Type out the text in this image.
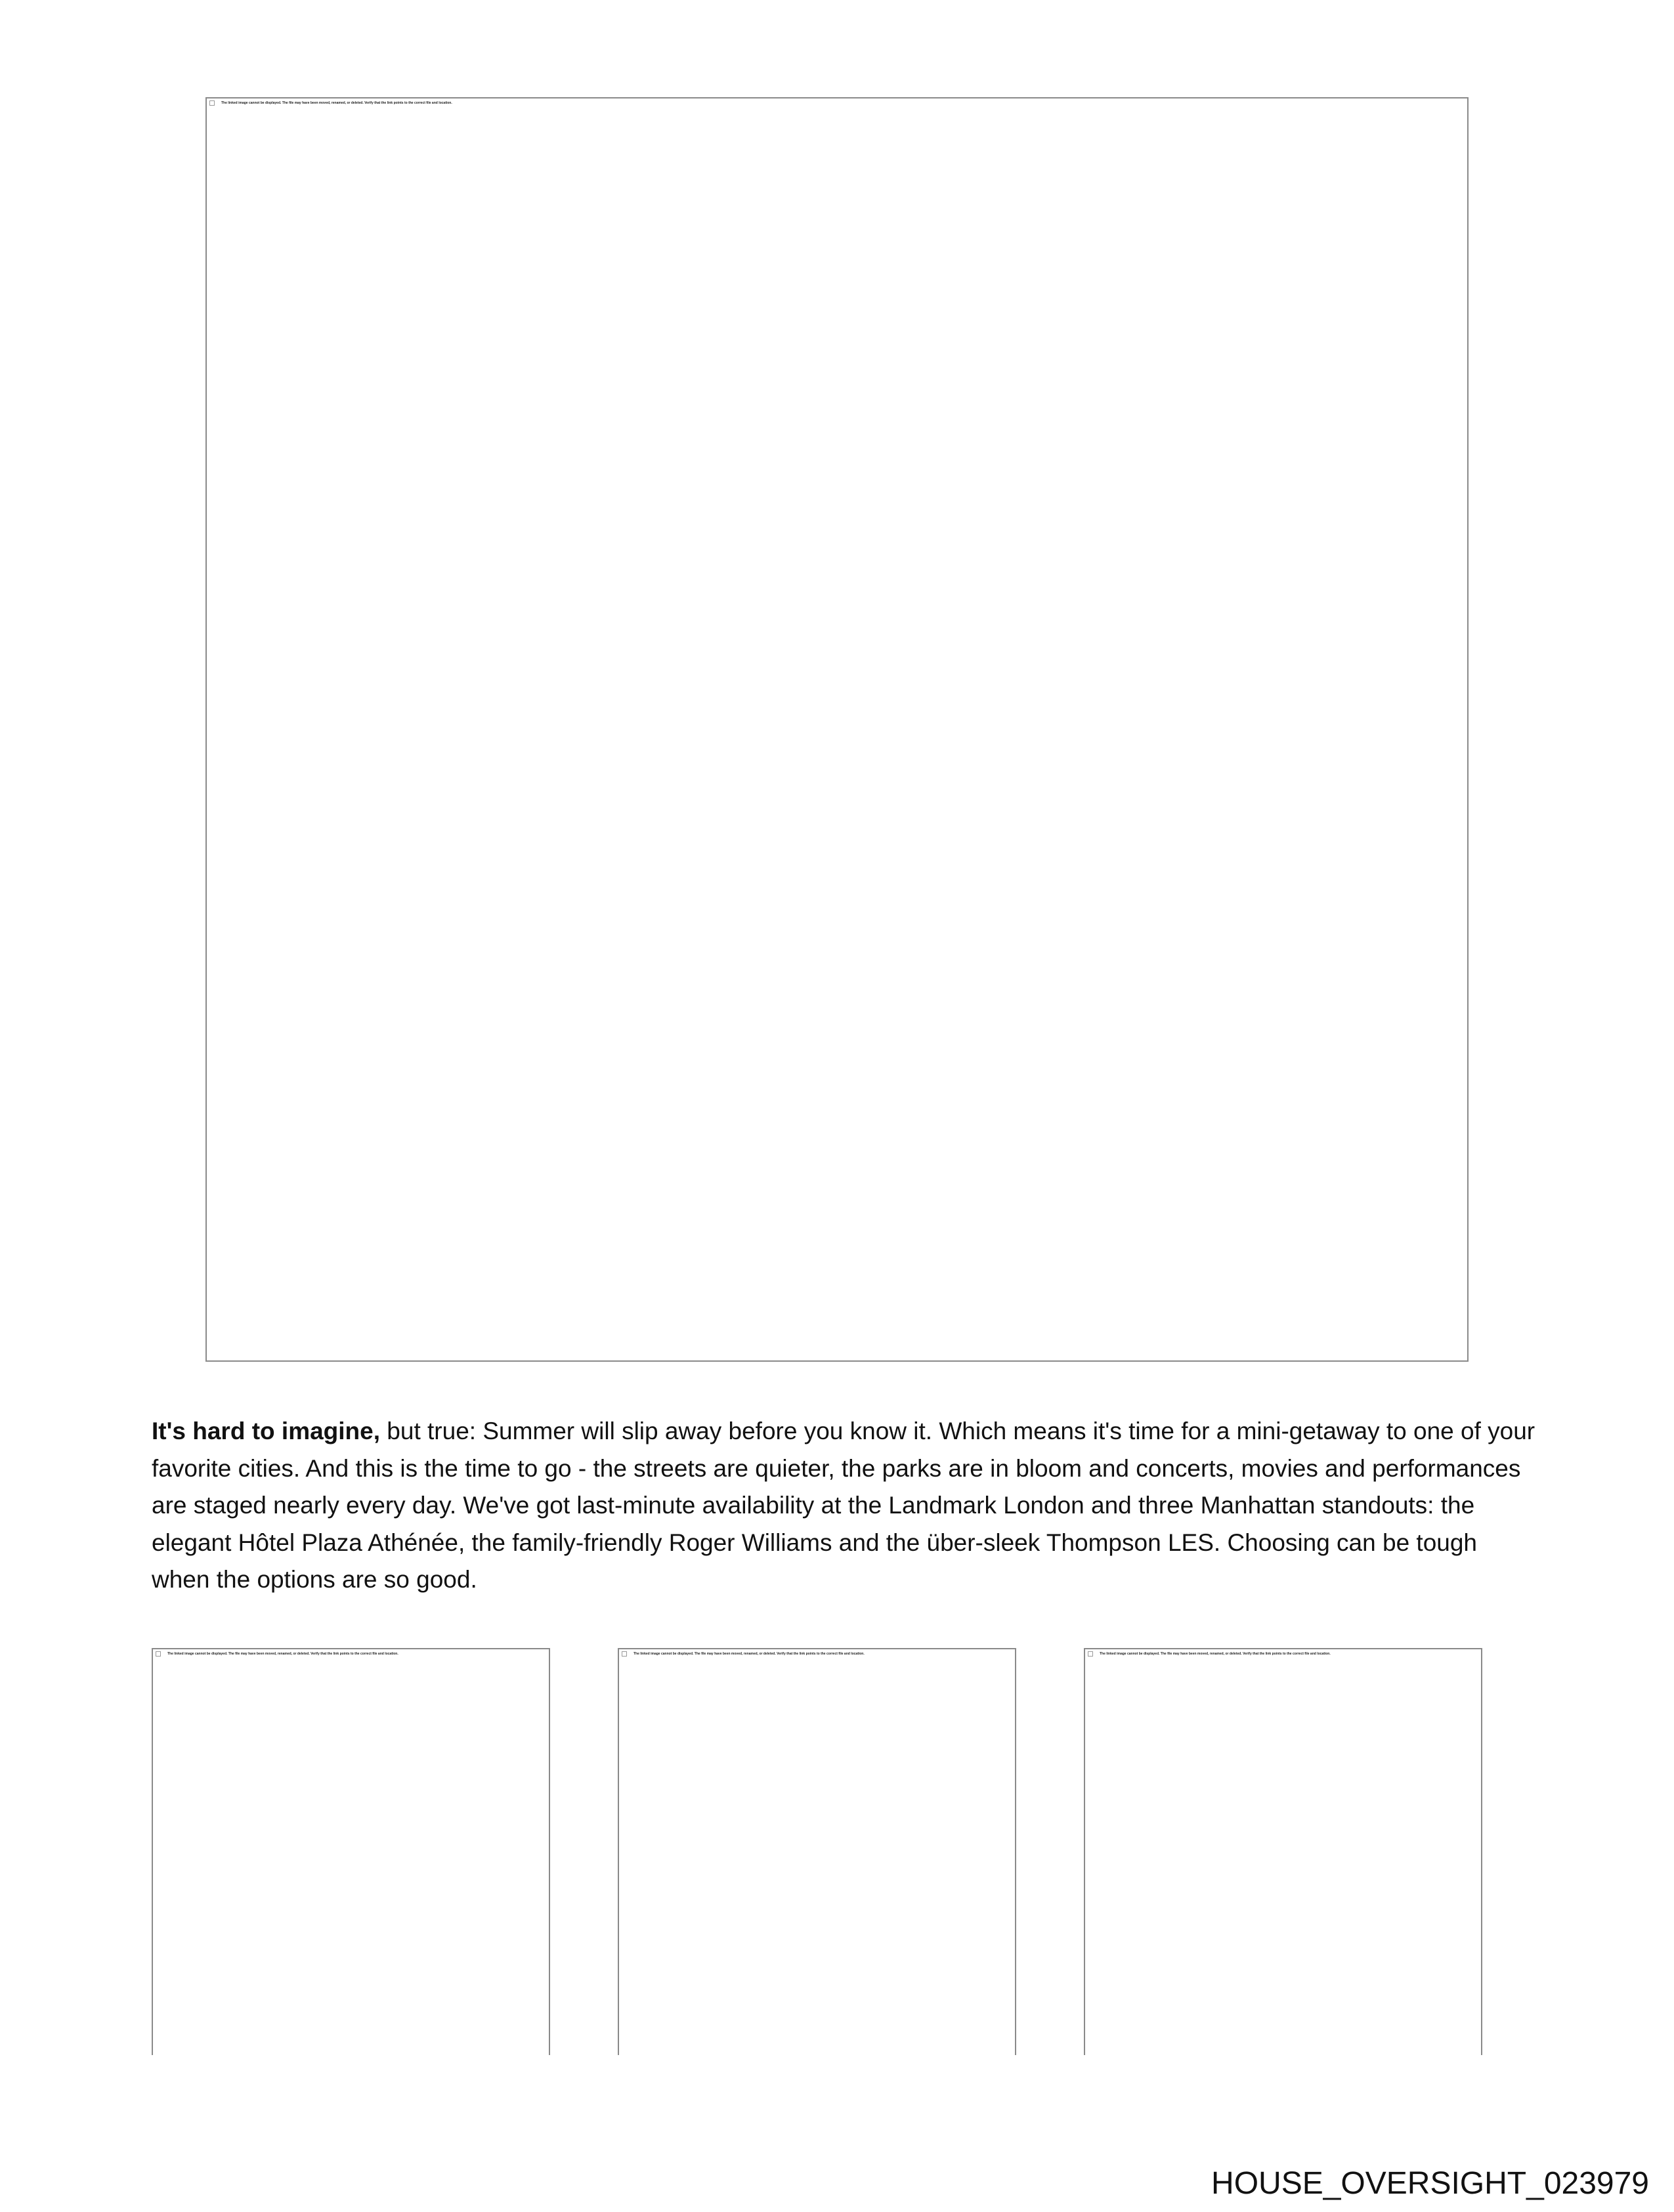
The linked image cannot be displayed. The file may have been moved, renamed, or deleted. Verify that the link points to the correct file and location.

It's hard to imagine, but true: Summer will slip away before you know it. Which means it's time for a mini-getaway to one of your favorite cities. And this is the time to go - the streets are quieter, the parks are in bloom and concerts, movies and performances are staged nearly every day. We've got last-minute availability at the Landmark London and three Manhattan standouts: the elegant Hôtel Plaza Athénée, the family-friendly Roger Williams and the über-sleek Thompson LES. Choosing can be tough when the options are so good.

The linked image cannot be displayed. The file may have been moved, renamed, or deleted. Verify that the link points to the correct file and location.	The linked image cannot be displayed. The file may have been moved, renamed, or deleted. Verify that the link points to the correct file and location.	The linked image cannot be displayed. The file may have been moved, renamed, or deleted. Verify that the link points to the correct file and location.
HOUSE_OVERSIGHT_023979
